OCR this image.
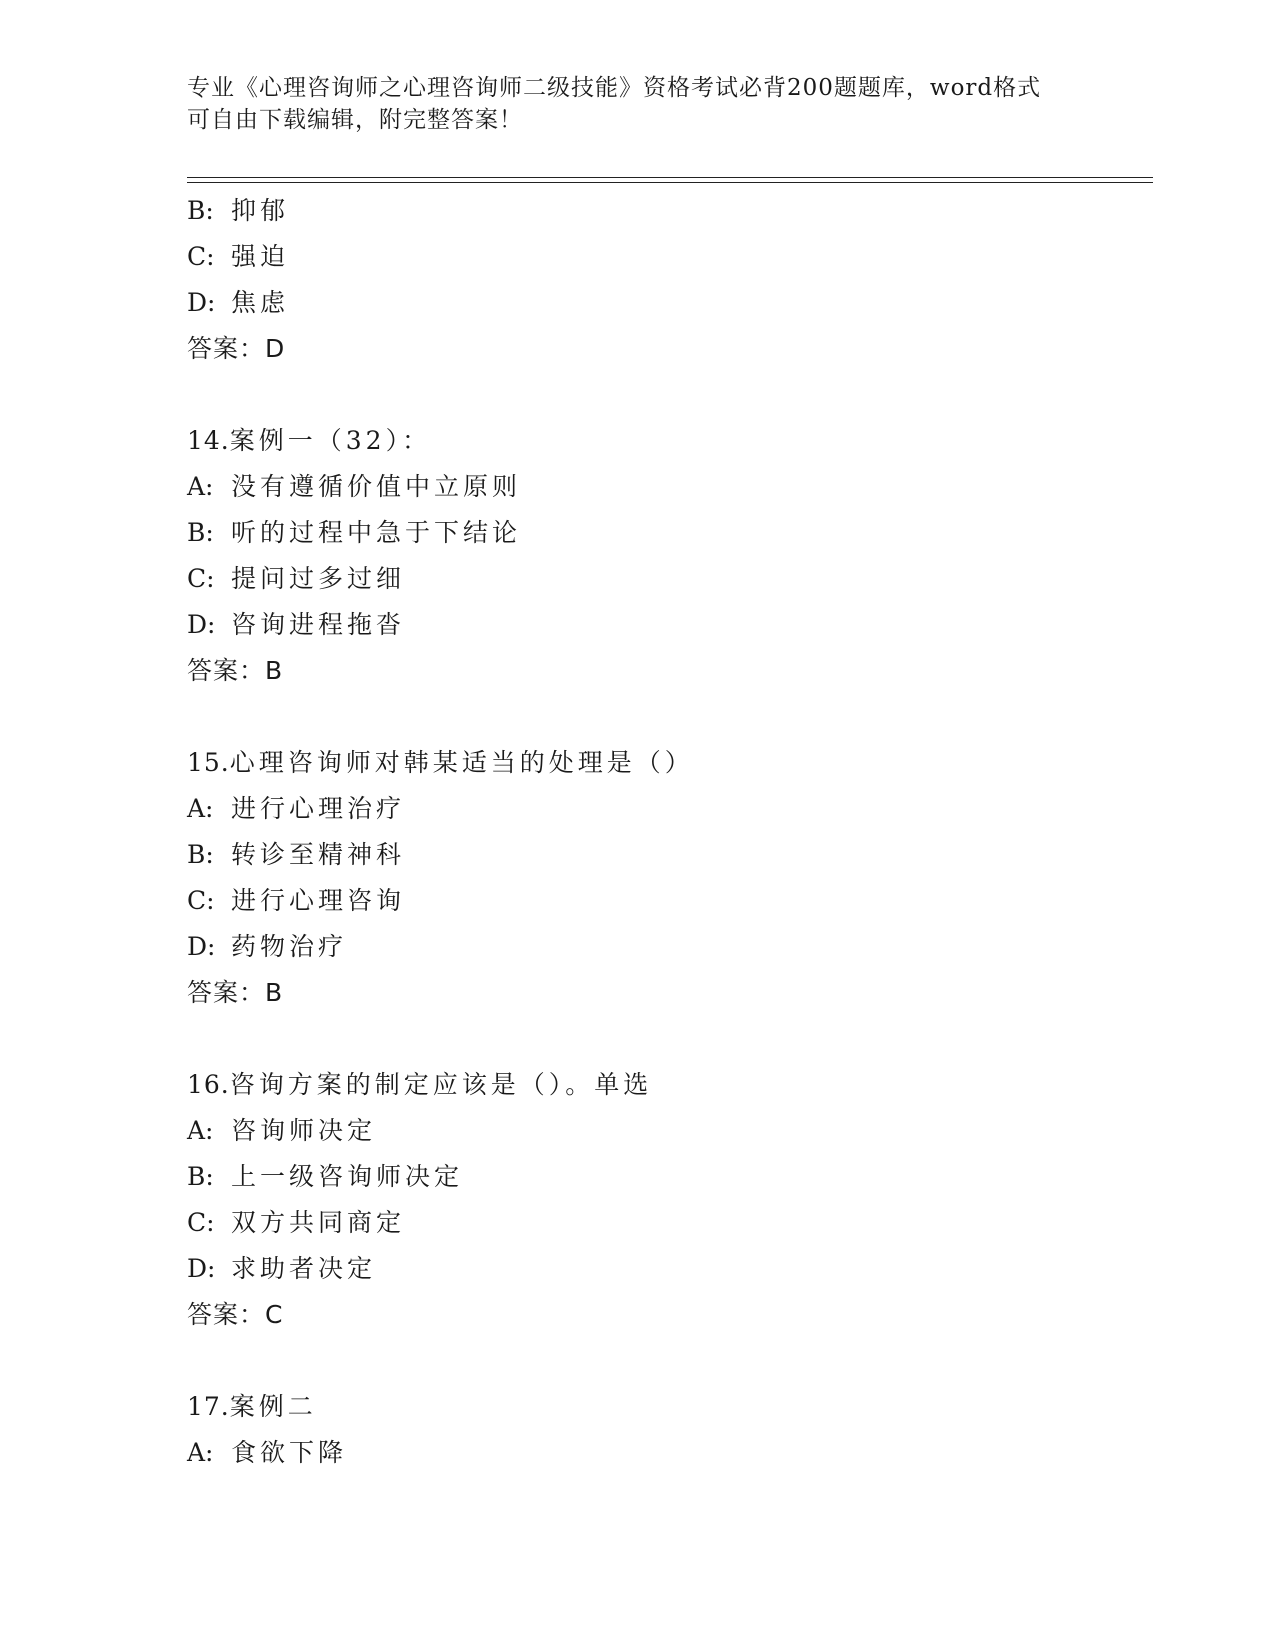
专业《心理咨询师之心理咨询师二级技能》资格考试必背200题题库，word格式
可自由下载编辑，附完整答案！
B: 抑郁
C: 强迫
D: 焦虑
答案：D
14.案例一（32）：
A: 没有遵循价值中立原则
B: 听的过程中急于下结论
C: 提问过多过细
D: 咨询进程拖沓
答案：B
15.心理咨询师对韩某适当的处理是（）
A: 进行心理治疗
B: 转诊至精神科
C: 进行心理咨询
D: 药物治疗
答案：B
16.咨询方案的制定应该是（）。单选
A: 咨询师决定
B: 上一级咨询师决定
C: 双方共同商定
D: 求助者决定
答案：C
17.案例二
A: 食欲下降
